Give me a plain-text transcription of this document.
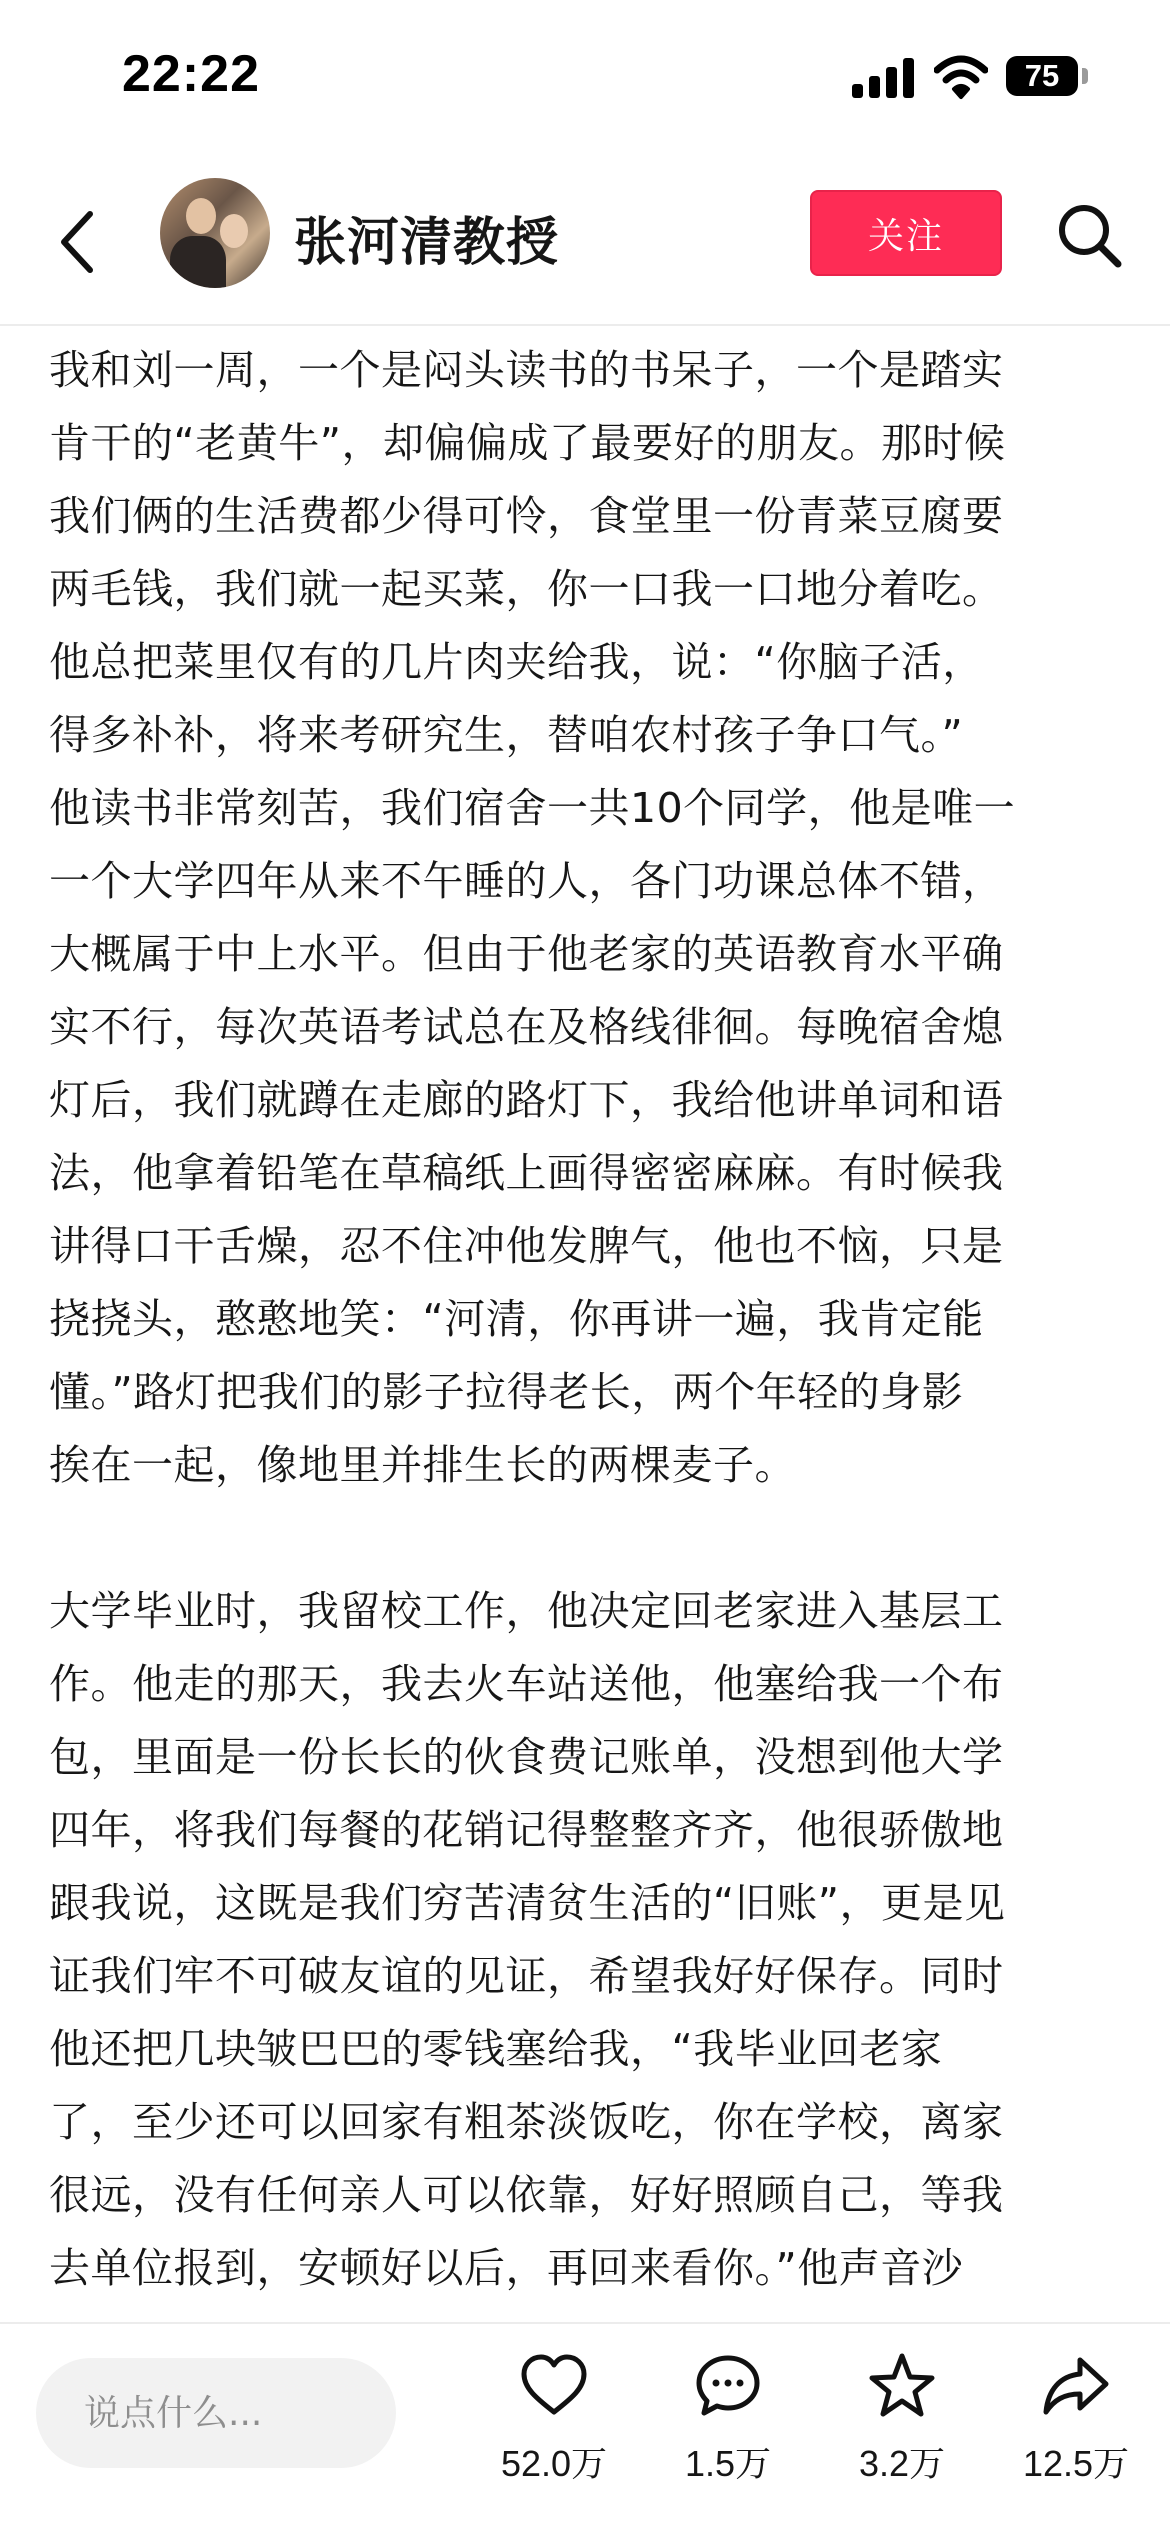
22:22	75
张河清教授	关注

我和刘一周，一个是闷头读书的书呆子，一个是踏实
肯干的“老黄牛”，却偏偏成了最要好的朋友。那时候
我们俩的生活费都少得可怜，食堂里一份青菜豆腐要
两毛钱，我们就一起买菜，你一口我一口地分着吃。
他总把菜里仅有的几片肉夹给我，说：“你脑子活，
得多补补，将来考研究生，替咱农村孩子争口气。”
他读书非常刻苦，我们宿舍一共10个同学，他是唯一
一个大学四年从来不午睡的人，各门功课总体不错，
大概属于中上水平。但由于他老家的英语教育水平确
实不行，每次英语考试总在及格线徘徊。每晚宿舍熄
灯后，我们就蹲在走廊的路灯下，我给他讲单词和语
法，他拿着铅笔在草稿纸上画得密密麻麻。有时候我
讲得口干舌燥，忍不住冲他发脾气，他也不恼，只是
挠挠头，憨憨地笑：“河清，你再讲一遍，我肯定能
懂。”路灯把我们的影子拉得老长，两个年轻的身影
挨在一起，像地里并排生长的两棵麦子。

大学毕业时，我留校工作，他决定回老家进入基层工
作。他走的那天，我去火车站送他，他塞给我一个布
包，里面是一份长长的伙食费记账单，没想到他大学
四年，将我们每餐的花销记得整整齐齐，他很骄傲地
跟我说，这既是我们穷苦清贫生活的“旧账”，更是见
证我们牢不可破友谊的见证，希望我好好保存。同时
他还把几块皱巴巴的零钱塞给我，“我毕业回老家
了，至少还可以回家有粗茶淡饭吃，你在学校，离家
很远，没有任何亲人可以依靠，好好照顾自己，等我
去单位报到，安顿好以后，再回来看你。”他声音沙

说点什么...
52.0万 1.5万 3.2万 12.5万
